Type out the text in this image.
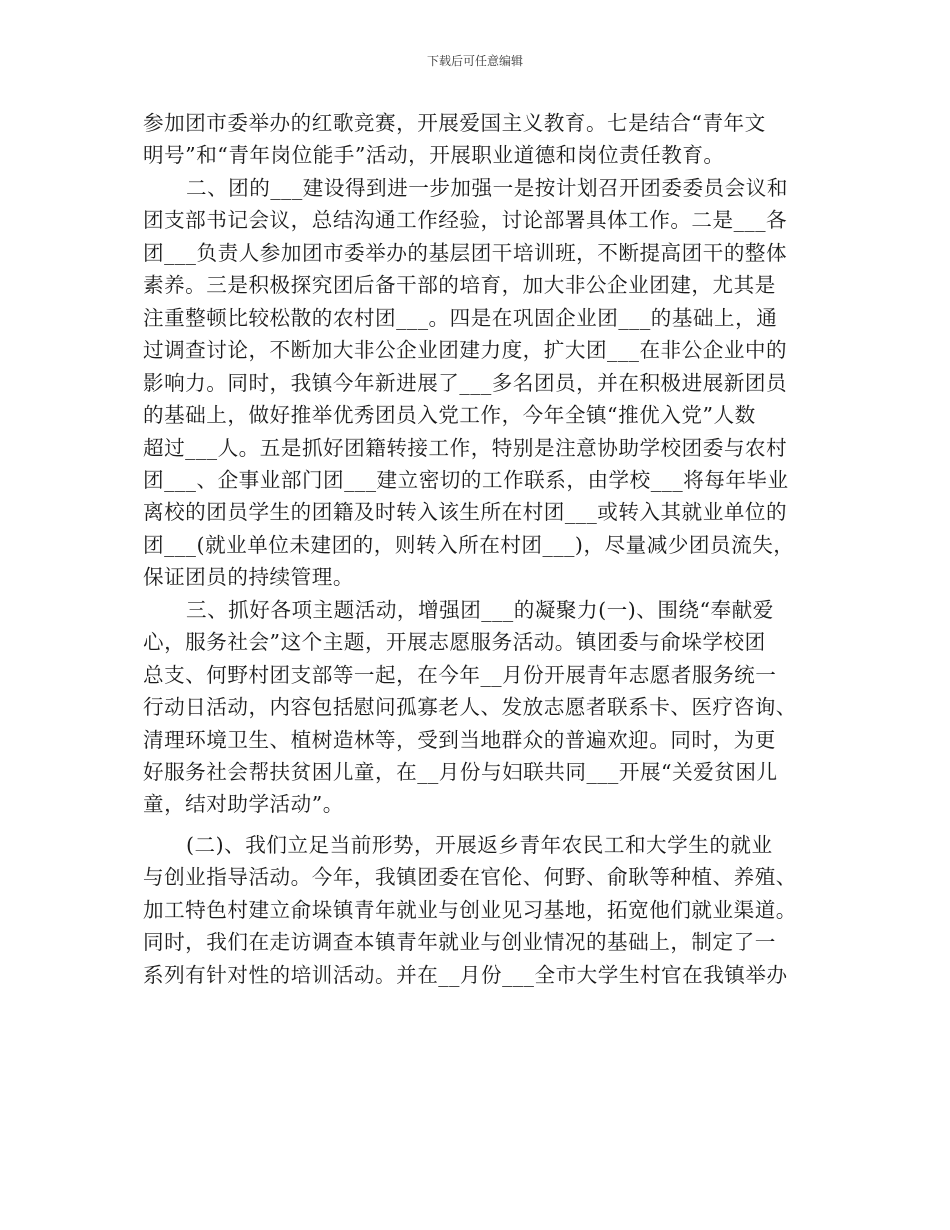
下载后可任意编辑
参加团市委举办的红歌竞赛，开展爱国主义教育。七是结合“青年文
明号”和“青年岗位能手”活动，开展职业道德和岗位责任教育。
二、团的___建设得到进一步加强一是按计划召开团委委员会议和
团支部书记会议，总结沟通工作经验，讨论部署具体工作。二是___各
团___负责人参加团市委举办的基层团干培训班，不断提高团干的整体
素养。三是积极探究团后备干部的培育，加大非公企业团建，尤其是
注重整顿比较松散的农村团___。四是在巩固企业团___的基础上，通
过调查讨论，不断加大非公企业团建力度，扩大团___在非公企业中的
影响力。同时，我镇今年新进展了___多名团员，并在积极进展新团员
的基础上，做好推举优秀团员入党工作，今年全镇“推优入党”人数
超过___人。五是抓好团籍转接工作，特别是注意协助学校团委与农村
团___、企事业部门团___建立密切的工作联系，由学校___将每年毕业
离校的团员学生的团籍及时转入该生所在村团___或转入其就业单位的
团___(就业单位未建团的，则转入所在村团___)，尽量减少团员流失，
保证团员的持续管理。
三、抓好各项主题活动，增强团___的凝聚力(一)、围绕“奉献爱
心，服务社会”这个主题，开展志愿服务活动。镇团委与俞垛学校团
总支、何野村团支部等一起，在今年__月份开展青年志愿者服务统一
行动日活动，内容包括慰问孤寡老人、发放志愿者联系卡、医疗咨询、
清理环境卫生、植树造林等，受到当地群众的普遍欢迎。同时，为更
好服务社会帮扶贫困儿童，在__月份与妇联共同___开展“关爱贫困儿
童，结对助学活动”。
(二)、我们立足当前形势，开展返乡青年农民工和大学生的就业
与创业指导活动。今年，我镇团委在官伦、何野、俞耿等种植、养殖、
加工特色村建立俞垛镇青年就业与创业见习基地，拓宽他们就业渠道。
同时，我们在走访调查本镇青年就业与创业情况的基础上，制定了一
系列有针对性的培训活动。并在__月份___全市大学生村官在我镇举办
